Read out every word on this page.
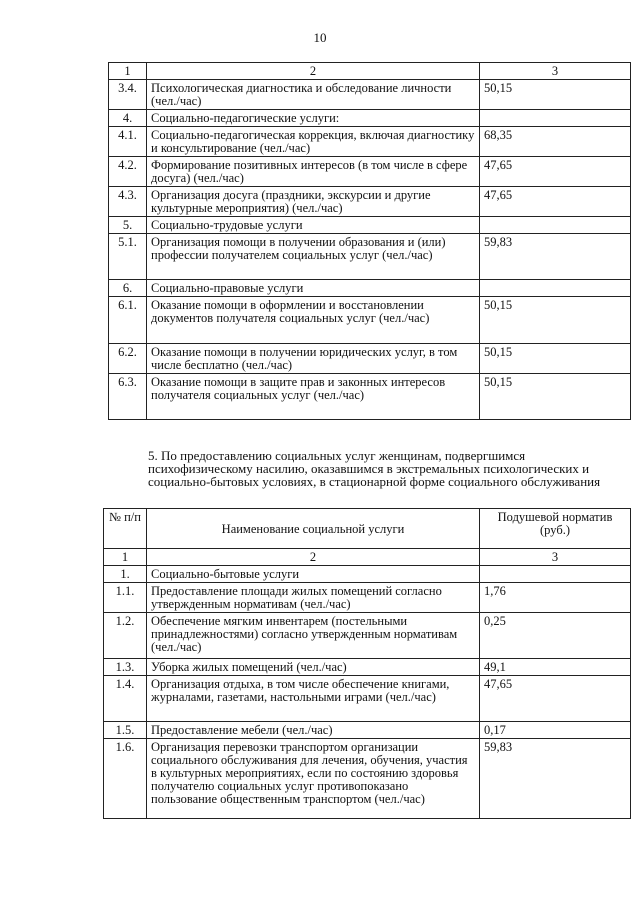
10
1	2	3
3.4.	Психологическая диагностика и обследование личности (чел./час)	50,15
4.	Социально-педагогические услуги:	
4.1.	Социально-педагогическая коррекция, включая диагностику и консультирование (чел./час)	68,35
4.2.	Формирование позитивных интересов (в том числе в сфере досуга) (чел./час)	47,65
4.3.	Организация досуга (праздники, экскурсии и другие культурные мероприятия) (чел./час)	47,65
5.	Социально-трудовые услуги	
5.1.	Организация помощи в получении образования и (или) профессии получателем социальных услуг (чел./час)	59,83
6.	Социально-правовые услуги	
6.1.	Оказание помощи в оформлении и восстановлении документов получателя социальных услуг (чел./час)	50,15
6.2.	Оказание помощи в получении юридических услуг, в том числе бесплатно (чел./час)	50,15
6.3.	Оказание помощи в защите прав и законных интересов получателя социальных услуг (чел./час)	50,15
5. По предоставлению социальных услуг женщинам, подвергшимся психофизическому насилию, оказавшимся в экстремальных психологических и социально-бытовых условиях, в стационарной форме социального обслуживания
№ п/п	Наименование социальной услуги	Подушевой норматив (руб.)
1	2	3
1.	Социально-бытовые услуги	
1.1.	Предоставление площади жилых помещений согласно утвержденным нормативам (чел./час)	1,76
1.2.	Обеспечение мягким инвентарем (постельными принадлежностями) согласно утвержденным нормативам (чел./час)	0,25
1.3.	Уборка жилых помещений (чел./час)	49,1
1.4.	Организация отдыха, в том числе обеспечение книгами, журналами, газетами, настольными играми (чел./час)	47,65
1.5.	Предоставление мебели (чел./час)	0,17
1.6.	Организация перевозки транспортом организации социального обслуживания для лечения, обучения, участия в культурных мероприятиях, если по состоянию здоровья получателю социальных услуг противопоказано пользование общественным транспортом (чел./час)	59,83
